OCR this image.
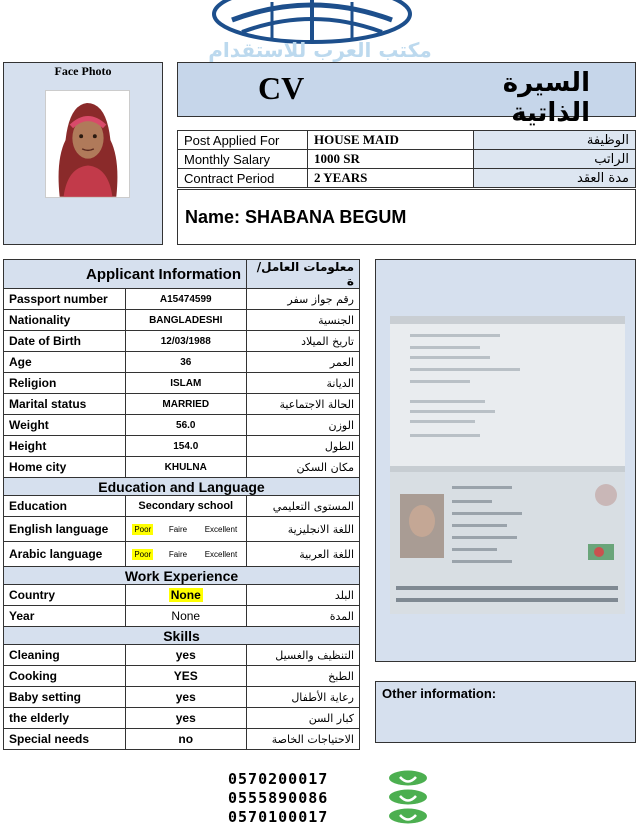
مكتب العرب للاستقدام
Face Photo	CV	السيرة الذاتية
Post Applied For	HOUSE MAID	الوظيفة
Monthly Salary	1000 SR	الراتب
Contract Period	2 YEARS	مدة العقد
Name: SHABANA BEGUM
Applicant Information		معلومات العامل/ة
Passport number	A15474599	رقم جواز سفر
Nationality	BANGLADESHI	الجنسية
Date of Birth	12/03/1988	تاريخ الميلاد
Age	36	العمر
Religion	ISLAM	الديانة
Marital status	MARRIED	الحالة الاجتماعية
Weight	56.0	الوزن
Height	154.0	الطول
Home city	KHULNA	مكان السكن
Education and Language		
Education	Secondary school	المستوى التعليمي
English language	Poor Faire Excellent	اللغة الانجليزية
Arabic language	Poor Faire Excellent	اللغة العربية
Work Experience		
Country	None	البلد
Year	None	المدة
Skills		
Cleaning	yes	التنظيف والغسيل
Cooking	YES	الطبخ
Baby setting	yes	رعاية الأطفال
the elderly	yes	كبار السن
Special needs	no	الاحتياجات الخاصة
Other information:
0570200017
0555890086
0570100017
